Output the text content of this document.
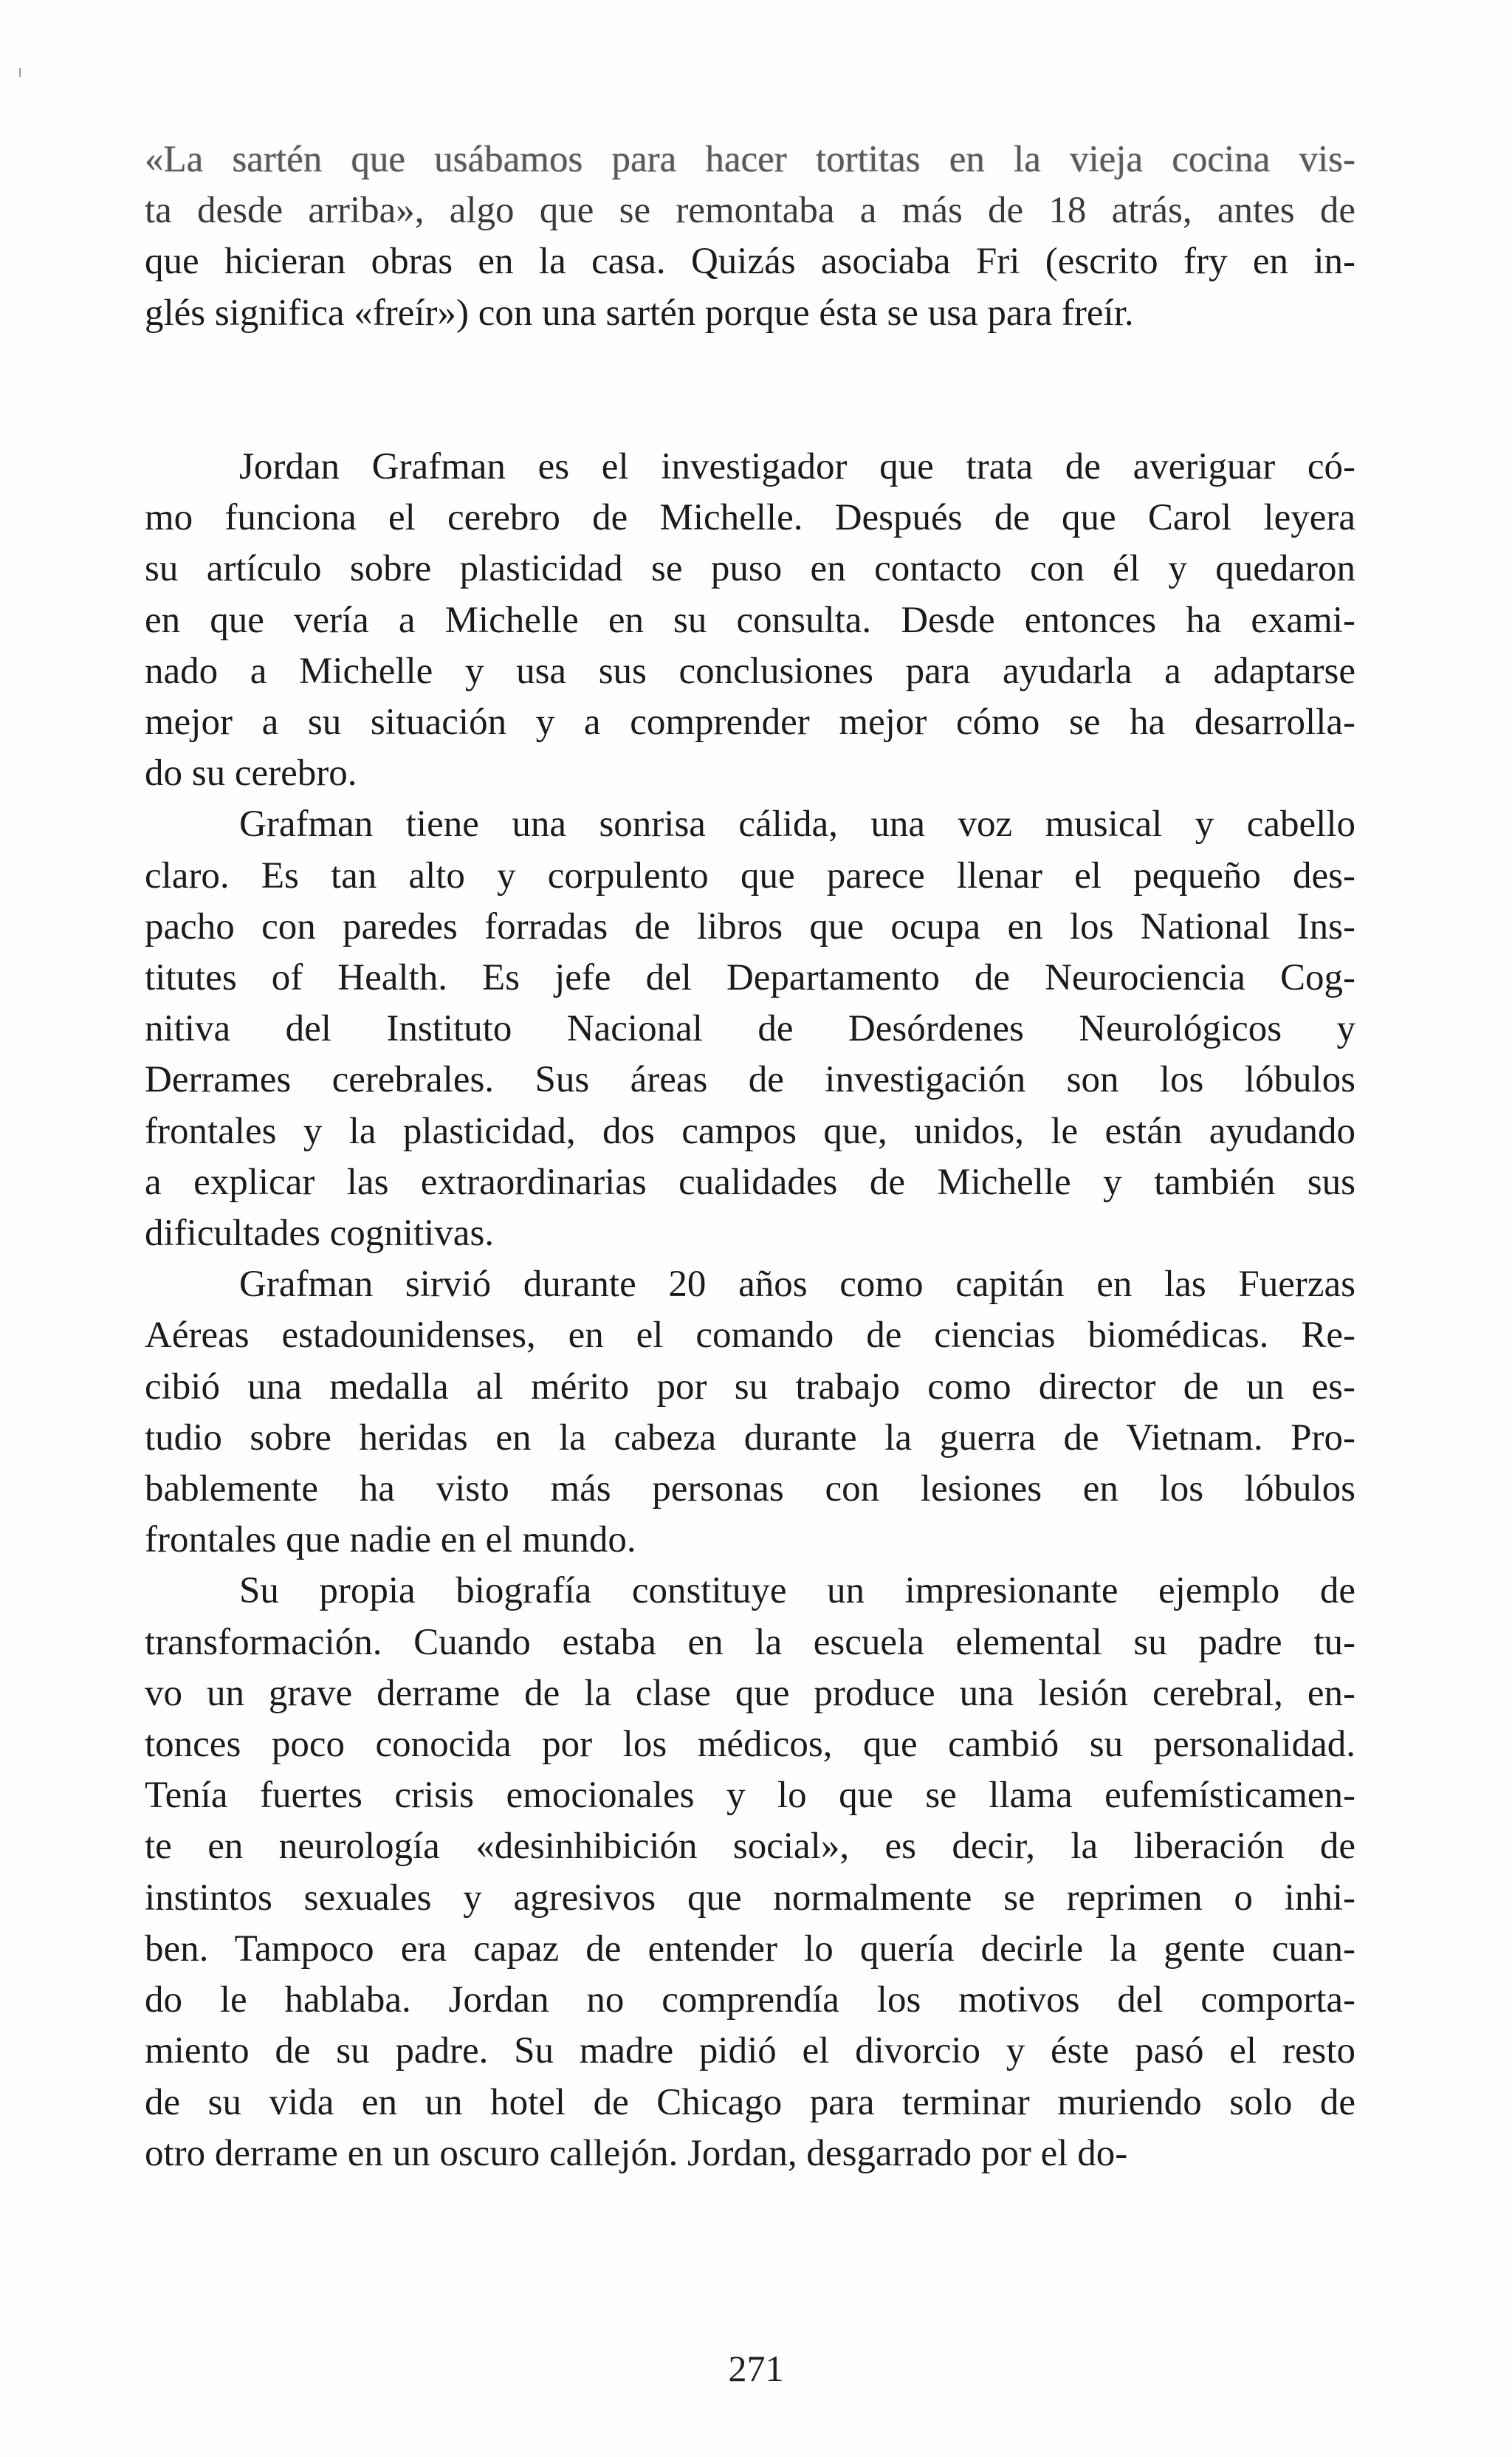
«La sartén que usábamos para hacer tortitas en la vieja cocina vis-
ta desde arriba», algo que se remontaba a más de 18 atrás, antes de
que hicieran obras en la casa. Quizás asociaba Fri (escrito fry en in-
glés significa «freír») con una sartén porque ésta se usa para freír.

Jordan Grafman es el investigador que trata de averiguar có-
mo funciona el cerebro de Michelle. Después de que Carol leyera
su artículo sobre plasticidad se puso en contacto con él y quedaron
en que vería a Michelle en su consulta. Desde entonces ha exami-
nado a Michelle y usa sus conclusiones para ayudarla a adaptarse
mejor a su situación y a comprender mejor cómo se ha desarrolla-
do su cerebro.

Grafman tiene una sonrisa cálida, una voz musical y cabello
claro. Es tan alto y corpulento que parece llenar el pequeño des-
pacho con paredes forradas de libros que ocupa en los National Ins-
titutes of Health. Es jefe del Departamento de Neurociencia Cog-
nitiva del Instituto Nacional de Desórdenes Neurológicos y
Derrames cerebrales. Sus áreas de investigación son los lóbulos
frontales y la plasticidad, dos campos que, unidos, le están ayudando
a explicar las extraordinarias cualidades de Michelle y también sus
dificultades cognitivas.

Grafman sirvió durante 20 años como capitán en las Fuerzas
Aéreas estadounidenses, en el comando de ciencias biomédicas. Re-
cibió una medalla al mérito por su trabajo como director de un es-
tudio sobre heridas en la cabeza durante la guerra de Vietnam. Pro-
bablemente ha visto más personas con lesiones en los lóbulos
frontales que nadie en el mundo.

Su propia biografía constituye un impresionante ejemplo de
transformación. Cuando estaba en la escuela elemental su padre tu-
vo un grave derrame de la clase que produce una lesión cerebral, en-
tonces poco conocida por los médicos, que cambió su personalidad.
Tenía fuertes crisis emocionales y lo que se llama eufemísticamen-
te en neurología «desinhibición social», es decir, la liberación de
instintos sexuales y agresivos que normalmente se reprimen o inhi-
ben. Tampoco era capaz de entender lo quería decirle la gente cuan-
do le hablaba. Jordan no comprendía los motivos del comporta-
miento de su padre. Su madre pidió el divorcio y éste pasó el resto
de su vida en un hotel de Chicago para terminar muriendo solo de
otro derrame en un oscuro callejón. Jordan, desgarrado por el do-

271
